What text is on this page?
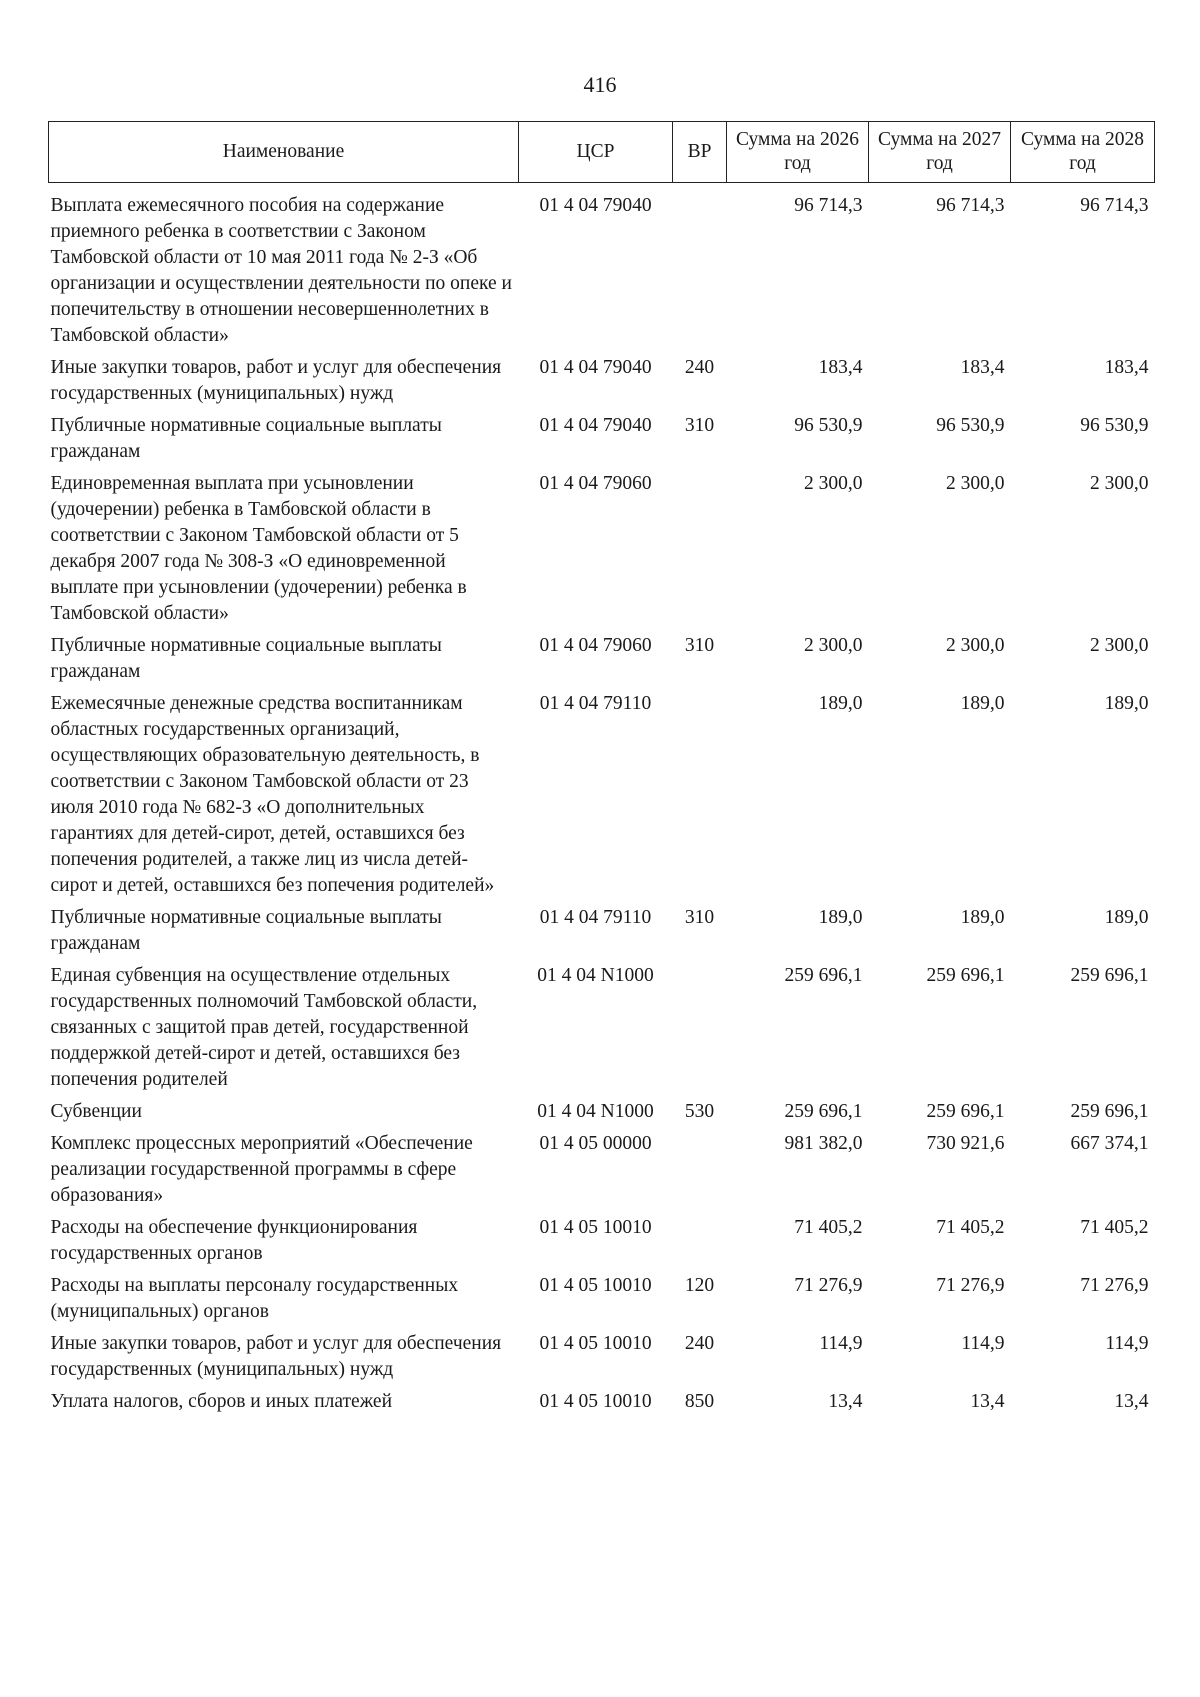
416
Наименование	ЦСР	ВР	Сумма на 2026 год	Сумма на 2027 год	Сумма на 2028 год
Выплата ежемесячного пособия на содержание приемного ребенка в соответствии с Законом Тамбовской области от 10 мая 2011 года № 2-З «Об организации и осуществлении деятельности по опеке и попечительству в отношении несовершеннолетних в Тамбовской области»	01 4 04 79040		96 714,3	96 714,3	96 714,3
Иные закупки товаров, работ и услуг для обеспечения государственных (муниципальных) нужд	01 4 04 79040	240	183,4	183,4	183,4
Публичные нормативные социальные выплаты гражданам	01 4 04 79040	310	96 530,9	96 530,9	96 530,9
Единовременная выплата при усыновлении (удочерении) ребенка в Тамбовской области в соответствии с Законом Тамбовской области от 5 декабря 2007 года № 308-З «О единовременной выплате при усыновлении (удочерении) ребенка в Тамбовской области»	01 4 04 79060		2 300,0	2 300,0	2 300,0
Публичные нормативные социальные выплаты гражданам	01 4 04 79060	310	2 300,0	2 300,0	2 300,0
Ежемесячные денежные средства воспитанникам областных государственных организаций, осуществляющих образовательную деятельность, в соответствии с Законом Тамбовской области от 23 июля 2010 года № 682-З «О дополнительных гарантиях для детей-сирот, детей, оставшихся без попечения родителей, а также лиц из числа детей-сирот и детей, оставшихся без попечения родителей»	01 4 04 79110		189,0	189,0	189,0
Публичные нормативные социальные выплаты гражданам	01 4 04 79110	310	189,0	189,0	189,0
Единая субвенция на осуществление отдельных государственных полномочий Тамбовской области, связанных с защитой прав детей, государственной поддержкой детей-сирот и детей, оставшихся без попечения родителей	01 4 04 N1000		259 696,1	259 696,1	259 696,1
Субвенции	01 4 04 N1000	530	259 696,1	259 696,1	259 696,1
Комплекс процессных мероприятий «Обеспечение реализации государственной программы в сфере образования»	01 4 05 00000		981 382,0	730 921,6	667 374,1
Расходы на обеспечение функционирования государственных органов	01 4 05 10010		71 405,2	71 405,2	71 405,2
Расходы на выплаты персоналу государственных (муниципальных) органов	01 4 05 10010	120	71 276,9	71 276,9	71 276,9
Иные закупки товаров, работ и услуг для обеспечения государственных (муниципальных) нужд	01 4 05 10010	240	114,9	114,9	114,9
Уплата налогов, сборов и иных платежей	01 4 05 10010	850	13,4	13,4	13,4
